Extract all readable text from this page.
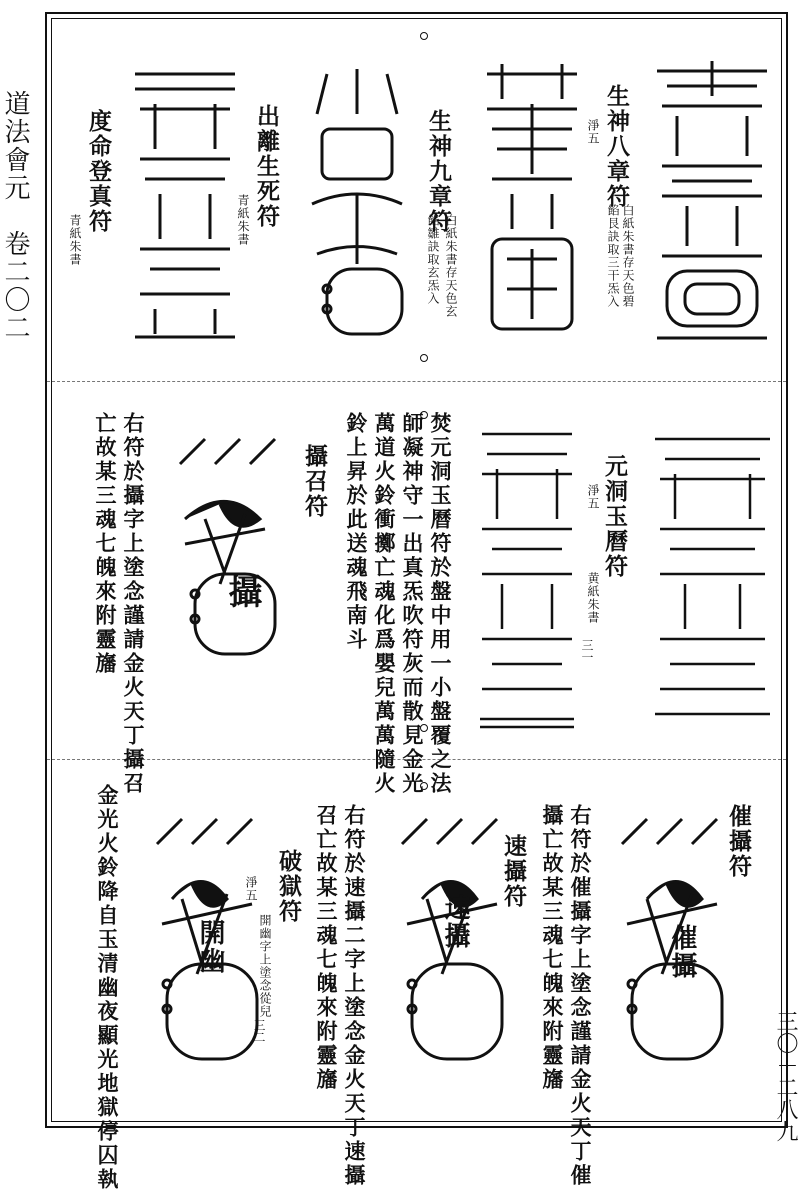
道法會元　卷二〇二
三〇－二八九
生神八章符
白紙朱書存天色碧
餡艮訣取三干炁入
淨五
生神九章符
白紙朱書存天色玄
餡雛訣取玄炁入
出離生死符
青紙朱書
度命登真符
青紙朱書
元洞玉曆符
黄紙朱書
淨五
三一
焚元洞玉曆符於盤中用一小盤覆之法
師凝神守一出真炁吹符灰而散見金光
萬道火鈴衝擲亡魂化爲嬰兒萬萬隨火
鈴上昇於此送魂飛南斗
攝召符
攝
右符於攝字上塗念謹請金火天丁攝召
亡故某三魂七魄來附靈旛
催攝符
催攝
右符於催攝字上塗念謹請金火天丁催
攝亡故某三魂七魄來附靈旛
速攝符
速攝
右符於速攝二字上塗念金火天丁速攝
召亡故某三魂七魄來附靈旛
破獄符
開幽字上塗念從兒
淨五
三二
開幽
金光火鈴降自玉清幽夜顯光地獄停囚執
